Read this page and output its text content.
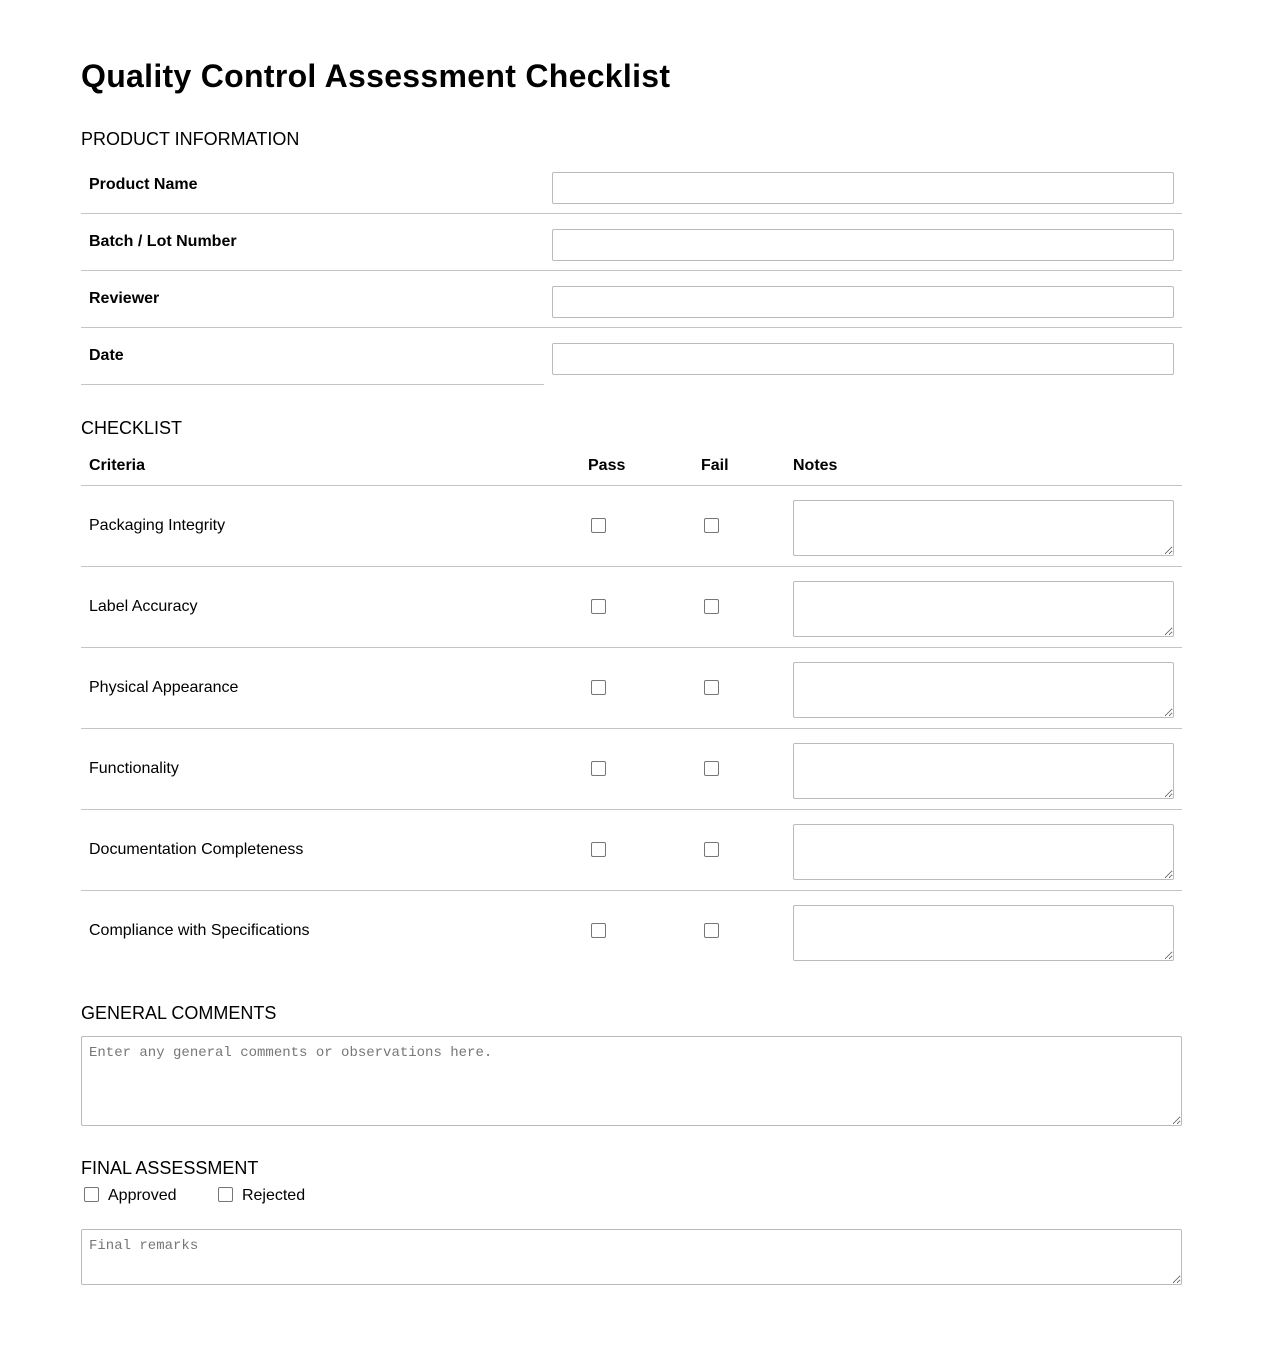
Quality Control Assessment Checklist
PRODUCT INFORMATION
Product Name
Batch / Lot Number
Reviewer
Date
CHECKLIST
Criteria	Pass	Fail	Notes
Packaging Integrity
Label Accuracy
Physical Appearance
Functionality
Documentation Completeness
Compliance with Specifications
GENERAL COMMENTS
Enter any general comments or observations here.
FINAL ASSESSMENT
Approved	Rejected
Final remarks
